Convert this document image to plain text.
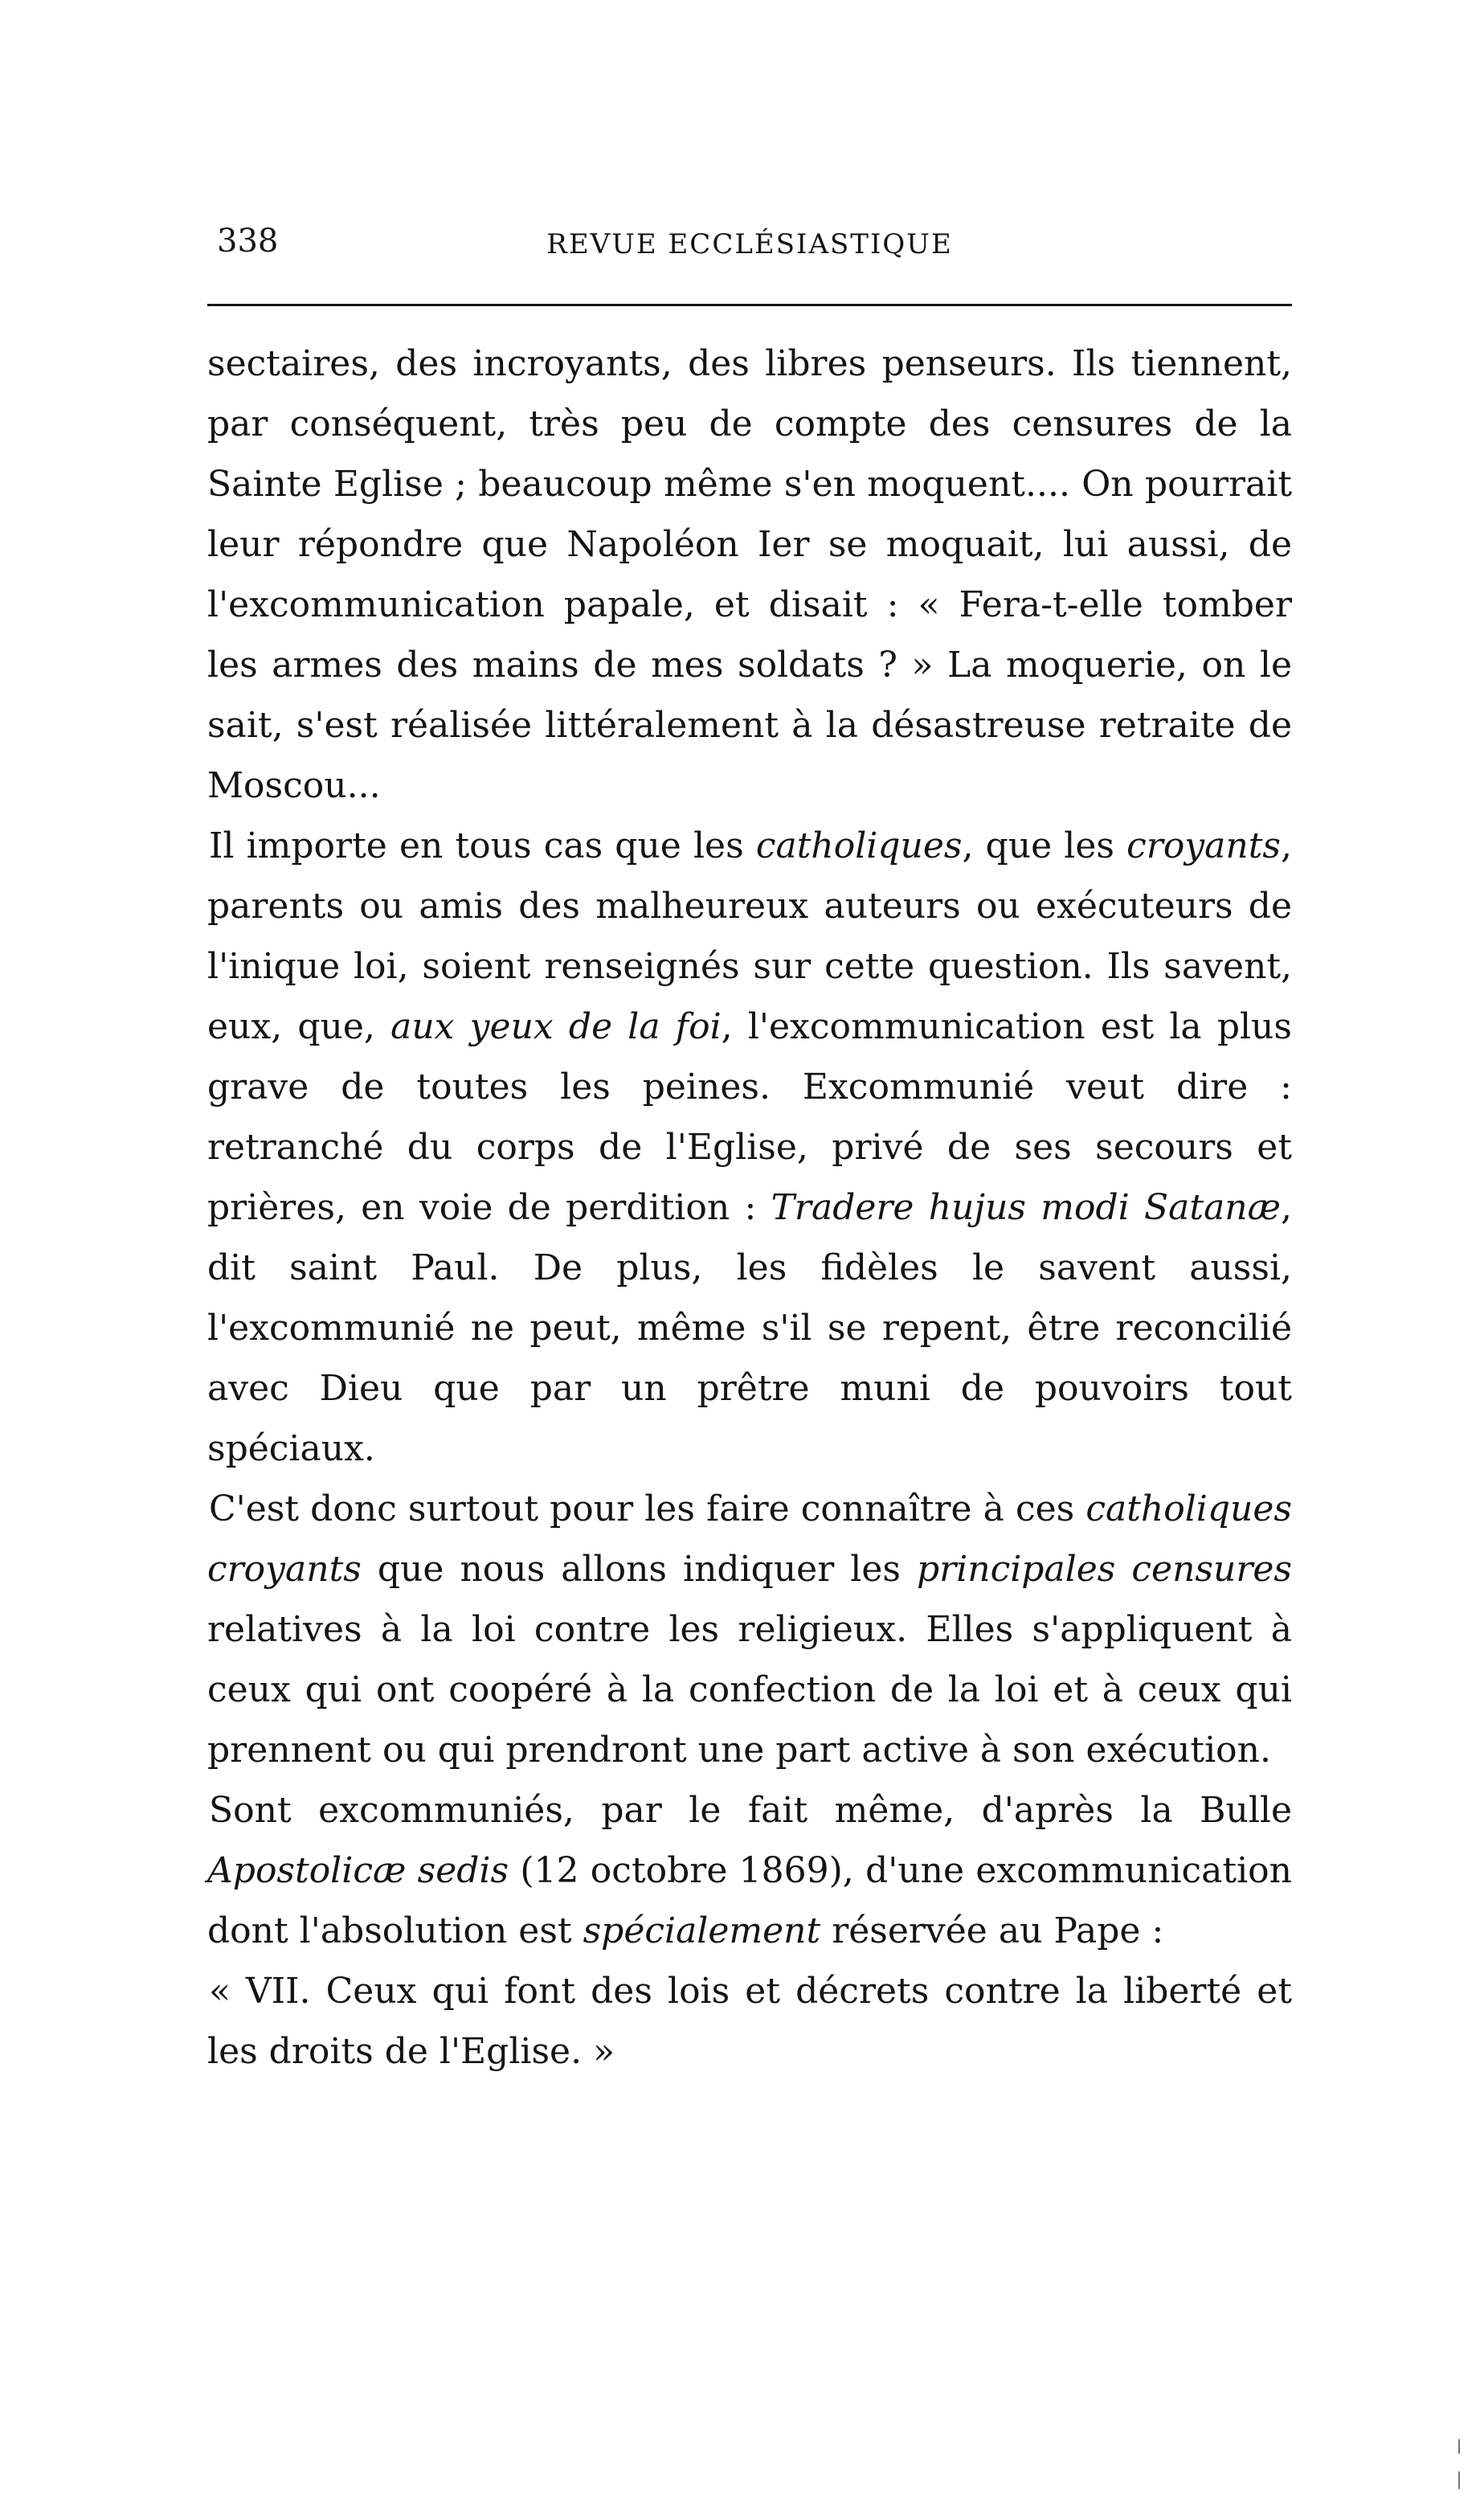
338	REVUE ECCLÉSIASTIQUE

sectaires, des incroyants, des libres penseurs. Ils tiennent, par conséquent, très peu de compte des censures de la Sainte Eglise ; beaucoup même s'en moquent.... On pourrait leur répondre que Napoléon Ier se moquait, lui aussi, de l'excommunication papale, et disait : « Fera-t-elle tomber les armes des mains de mes soldats ? » La moquerie, on le sait, s'est réalisée littéralement à la désastreuse retraite de Moscou...

Il importe en tous cas que les catholiques, que les croyants, parents ou amis des malheureux auteurs ou exécuteurs de l'inique loi, soient renseignés sur cette question. Ils savent, eux, que, aux yeux de la foi, l'excommunication est la plus grave de toutes les peines. Excommunié veut dire : retranché du corps de l'Eglise, privé de ses secours et prières, en voie de perdition : Tradere hujus modi Satanæ, dit saint Paul. De plus, les fidèles le savent aussi, l'excommunié ne peut, même s'il se repent, être reconcilié avec Dieu que par un prêtre muni de pouvoirs tout spéciaux.

C'est donc surtout pour les faire connaître à ces catholiques croyants que nous allons indiquer les principales censures relatives à la loi contre les religieux. Elles s'appliquent à ceux qui ont coopéré à la confection de la loi et à ceux qui prennent ou qui prendront une part active à son exécution.

Sont excommuniés, par le fait même, d'après la Bulle Apostolicæ sedis (12 octobre 1869), d'une excommunication dont l'absolution est spécialement réservée au Pape :

« VII. Ceux qui font des lois et décrets contre la liberté et les droits de l'Eglise. »
